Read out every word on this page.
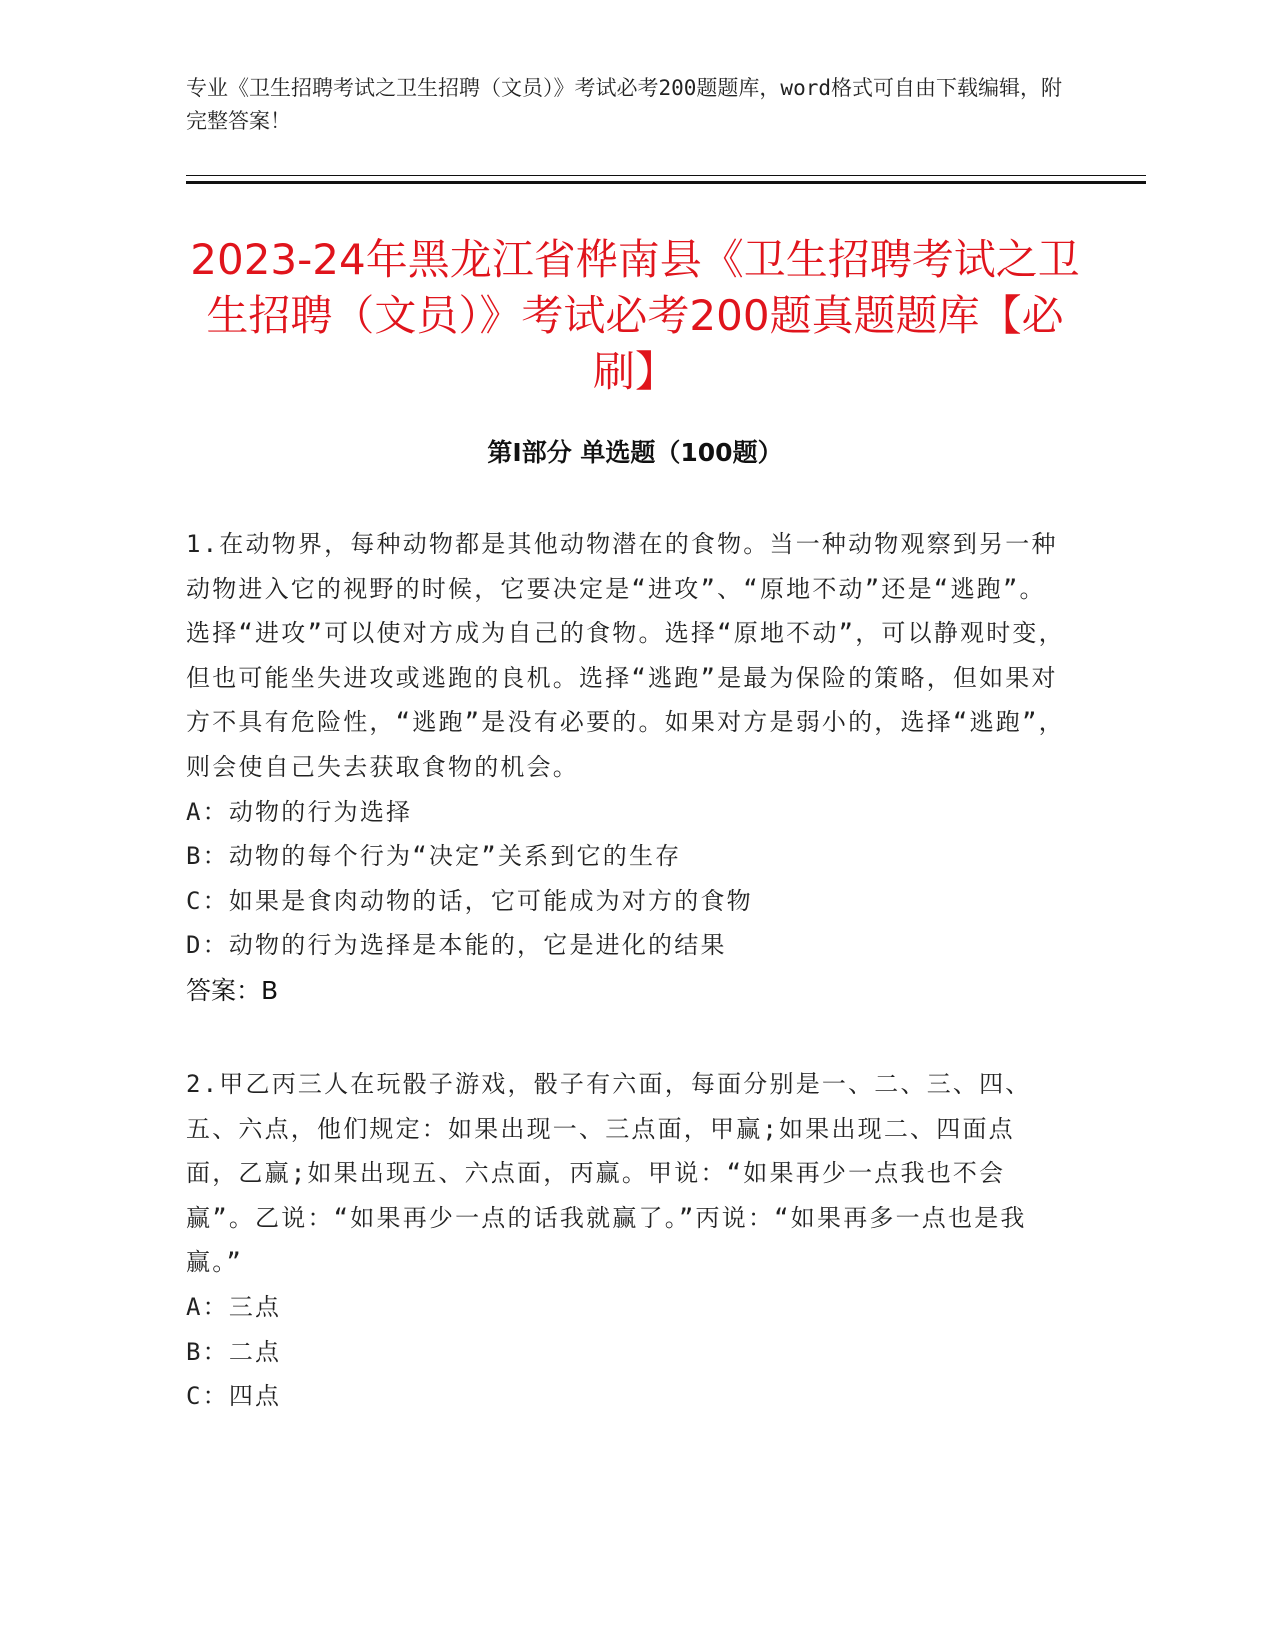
专业《卫生招聘考试之卫生招聘（文员）》考试必考200题题库，word格式可自由下载编辑，附完整答案！
2023-24年黑龙江省桦南县《卫生招聘考试之卫生招聘（文员）》考试必考200题真题题库【必刷】
第Ⅰ部分 单选题（100题）

1.在动物界，每种动物都是其他动物潜在的食物。当一种动物观察到另一种动物进入它的视野的时候，它要决定是“进攻”、“原地不动”还是“逃跑”。选择“进攻”可以使对方成为自己的食物。选择“原地不动”，可以静观时变，但也可能坐失进攻或逃跑的良机。选择“逃跑”是最为保险的策略，但如果对方不具有危险性，“逃跑”是没有必要的。如果对方是弱小的，选择“逃跑”，则会使自己失去获取食物的机会。

A： 动物的行为选择

B： 动物的每个行为“决定”关系到它的生存

C： 如果是食肉动物的话，它可能成为对方的食物

D： 动物的行为选择是本能的，它是进化的结果

答案：B

2.甲乙丙三人在玩骰子游戏，骰子有六面，每面分别是一、二、三、四、五、六点，他们规定：如果出现一、三点面，甲赢;如果出现二、四面点面，乙赢;如果出现五、六点面，丙赢。甲说：“如果再少一点我也不会赢”。乙说：“如果再少一点的话我就赢了。”丙说：“如果再多一点也是我赢。”

A： 三点

B： 二点

C： 四点
